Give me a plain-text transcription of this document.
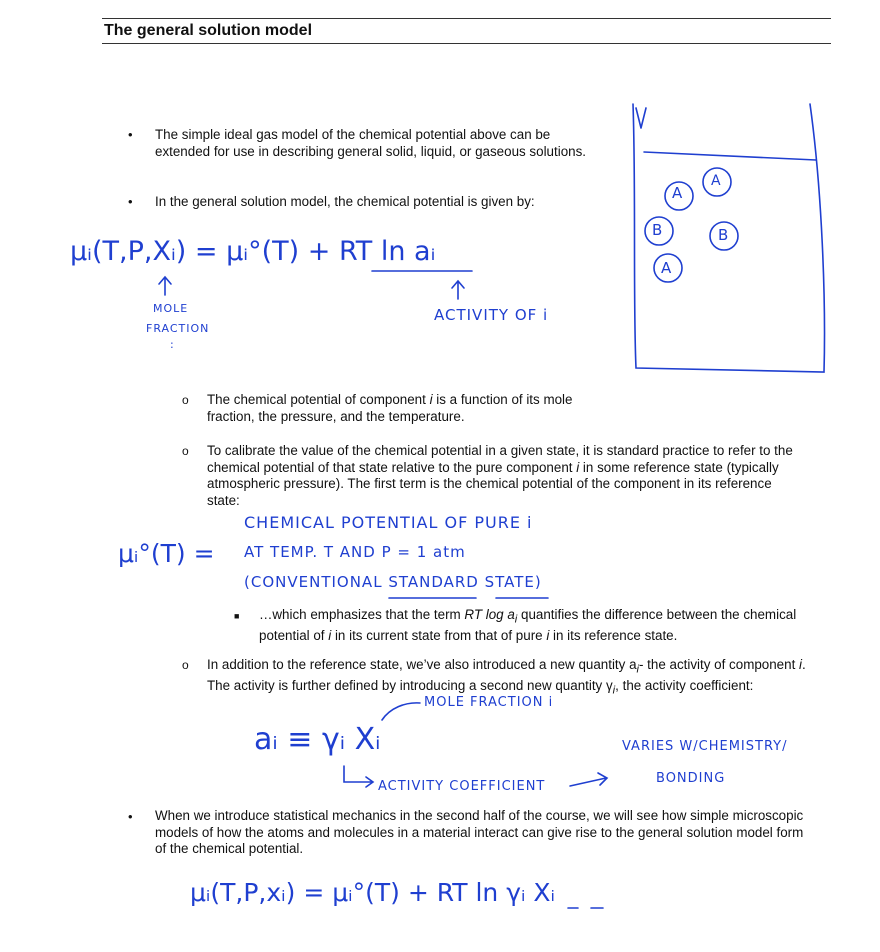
The general solution model
• The simple ideal gas model of the chemical potential above can be extended for use in describing general solid, liquid, or gaseous solutions.
• In the general solution model, the chemical potential is given by:
μᵢ(T,P,Xᵢ) = μᵢ°(T) + RT ln aᵢ
MOLE
FRACTION
:
ACTIVITY OF i
A
A
B	B
A
o The chemical potential of component i is a function of its mole fraction, the pressure, and the temperature.
o To calibrate the value of the chemical potential in a given state, it is standard practice to refer to the chemical potential of that state relative to the pure component i in some reference state (typically atmospheric pressure). The first term is the chemical potential of the component in its reference state:
μᵢ°(T) =
CHEMICAL POTENTIAL OF PURE i
AT TEMP. T AND P = 1 atm
(CONVENTIONAL STANDARD STATE)
■ …which emphasizes that the term RT $\log a_i$ quantifies the difference between the chemical potential of i in its current state from that of pure i in its reference state.
o In addition to the reference state, we’ve also introduced a new quantity $a_i-$ the activity of component i. The activity is further defined by introducing a second new quantity $\gamma_i$, the activity coefficient:
MOLE FRACTION i
aᵢ ≡ γᵢ Xᵢ	VARIES W/CHEMISTRY/
BONDING
ACTIVITY COEFFICIENT
• When we introduce statistical mechanics in the second half of the course, we will see how simple microscopic models of how the atoms and molecules in a material interact can give rise to the general solution model form of the chemical potential.
μᵢ(T,P,xᵢ) = μᵢ°(T) + RT ln γᵢ Xᵢ
